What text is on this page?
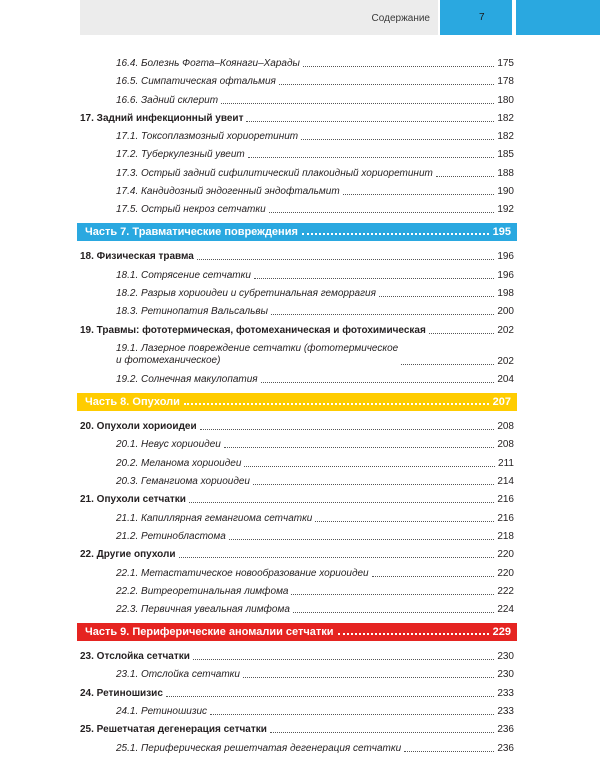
Содержание	7
16.4. Болезнь Фогта–Коянаги–Харады	175
16.5. Симпатическая офтальмия	178
16.6. Задний склерит	180
17. Задний инфекционный увеит	182
17.1. Токсоплазмозный хориоретинит	182
17.2. Туберкулезный увеит	185
17.3. Острый задний сифилитический плакоидный хориоретинит	188
17.4. Кандидозный эндогенный эндофтальмит	190
17.5. Острый некроз сетчатки	192
Часть 7. Травматические повреждения	195
18. Физическая травма	196
18.1. Сотрясение сетчатки	196
18.2. Разрыв хориоидеи и субретинальная геморрагия	198
18.3. Ретинопатия Вальсальвы	200
19. Травмы: фототермическая, фотомеханическая и фотохимическая	202
19.1. Лазерное повреждение сетчатки (фототермическое
и фотомеханическое)	202
19.2. Солнечная макулопатия	204
Часть 8. Опухоли	207
20. Опухоли хориоидеи	208
20.1. Невус хориоидеи	208
20.2. Меланома хориоидеи	211
20.3. Гемангиома хориоидеи	214
21. Опухоли сетчатки	216
21.1. Капиллярная гемангиома сетчатки	216
21.2. Ретинобластома	218
22. Другие опухоли	220
22.1. Метастатическое новообразование хориоидеи	220
22.2. Витреоретинальная лимфома	222
22.3. Первичная увеальная лимфома	224
Часть 9. Периферические аномалии сетчатки	229
23. Отслойка сетчатки	230
23.1. Отслойка сетчатки	230
24. Ретиношизис	233
24.1. Ретиношизис	233
25. Решетчатая дегенерация сетчатки	236
25.1. Периферическая решетчатая дегенерация сетчатки	236
